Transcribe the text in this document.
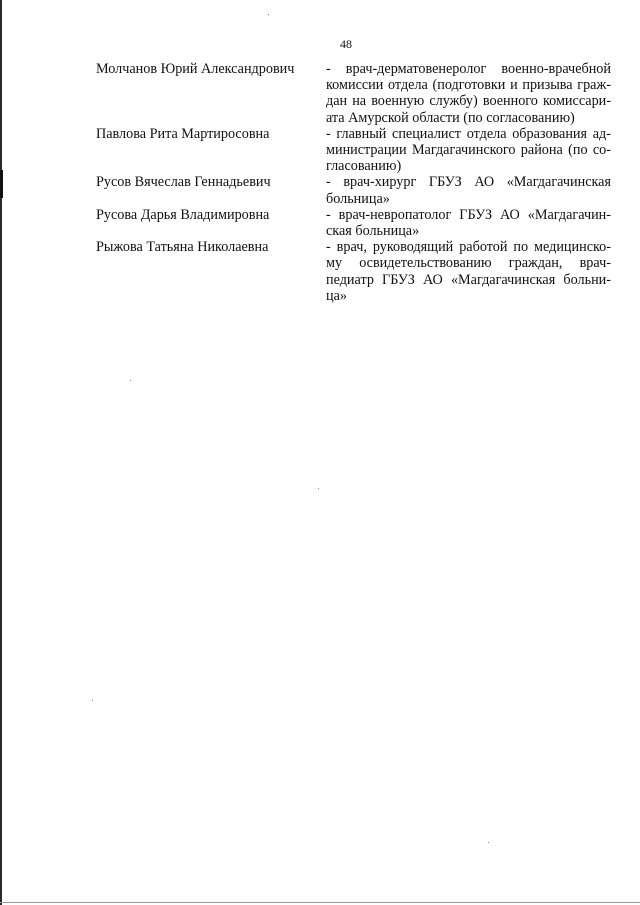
48
Молчанов Юрий Александрович	- врач-дерматовенеролог военно-врачебной комиссии отдела (подготовки и призыва граж-дан на военную службу) военного комиссари-ата Амурской области (по согласованию)
Павлова Рита Мартиросовна	- главный специалист отдела образования ад-министрации Магдагачинского района (по со-гласованию)
Русов Вячеслав Геннадьевич	- врач-хирург ГБУЗ АО «Магдагачинская больница»
Русова Дарья Владимировна	- врач-невропатолог ГБУЗ АО «Магдагачин-ская больница»
Рыжова Татьяна Николаевна	- врач, руководящий работой по медицинско-му освидетельствованию граждан, врач-педиатр ГБУЗ АО «Магдагачинская больни-ца»
